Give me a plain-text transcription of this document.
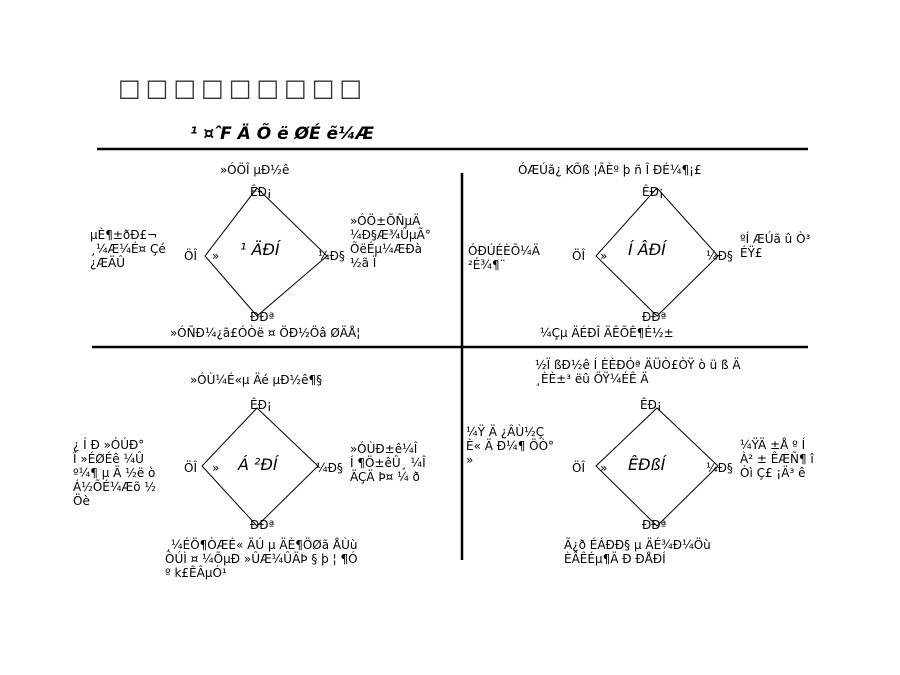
□□□□□□□□□
¹ ¤ ̂F Ä Õ ë ØÉ ẽ¼Æ
»ÓÖÎ µÐ½ê
ÊÐ¡
¹ ÄÐÍ
ÖÎ »	¼Ð§
ÐÐª
»ÓÑÐ¼¿ã£ÓÒë ¤ ÖÐ½Öâ ØÄÅ¦
µÈ¶±ðÐ£¬
¸¼Æ¼É¤ Çé
¿ÆÄÛ
»ÓÖ±ÕÑµÄ
¼Ð§Æ¾ÛµÃ°
ÕëÉµ¼ÆÐà
½ã Ï
ÓÆÚã¿ KÕß ¦ÃÈº þ ñ Î ÐÉ¼¶¡£
ÊÐ¡
Í ÂÐÍ
ÖÎ »	¼Ð§
ÐÐª
¼Çµ ÄÉÐÎ ÄÊÕÊ¶É½±
ÓÐÚÉÈÕ¼Ä
²É¾¶¨
ºÍ ÆÚã û Ò³
ÉŸ£
»ÓÙ¼É«µ Äé µÐ½ê¶§
ÊÐ¡
Á ²ÐÍ
ÖÎ »	¼Ð§
ÐÐª
¸¼ÉÖ¶ÒÆÉ« ÄÚ µ ÄÈ¶ÖØã ÅÙù
ÒÚÌ ¤ ¼ÕµÐ »ÛÆ¼ÛÄÞ § þ ¦ ¶Ó
º k£ÊÂµÓ¹
¿ Í Ð »ÓÚÐ°
Î »ÉØÉê ¼Û
º¼¶ µ Ä ½ë ò
Á½ÕÉ¼Æõ ½
Öè
»ÓÙÐ±ê¼Î
Í ¶Ö±êÛ¸ ¼Î
ÄÇÄ Þ¤ ¼ ð
½Ï ßÐ½ê Í ÈÈÐÓª ÄÜÒ£ÒŸ ò ü ß Ä
¸ÈÈ±³ ëû ÖŸ¼ÉÊ Ä
ÊÐ¡
ÊÐßÍ
ÖÎ »	¼Ð§
ÐÐª
Ã¿ð ÉÁÐÐ§ µ ÄÉ¾Ð¼Öù
ÈÂÊÉµ¶Ä Ð ÐÅÐÍ
¼Ÿ Ä ¿ÂÙ½Ç
È« Ä Ð¼¶ ÖÒ°
»
¼ŸÄ ±Å º Í
À² ± ÊÆÑ¶ î
Òì Ç£ ¡Ä³ ê
